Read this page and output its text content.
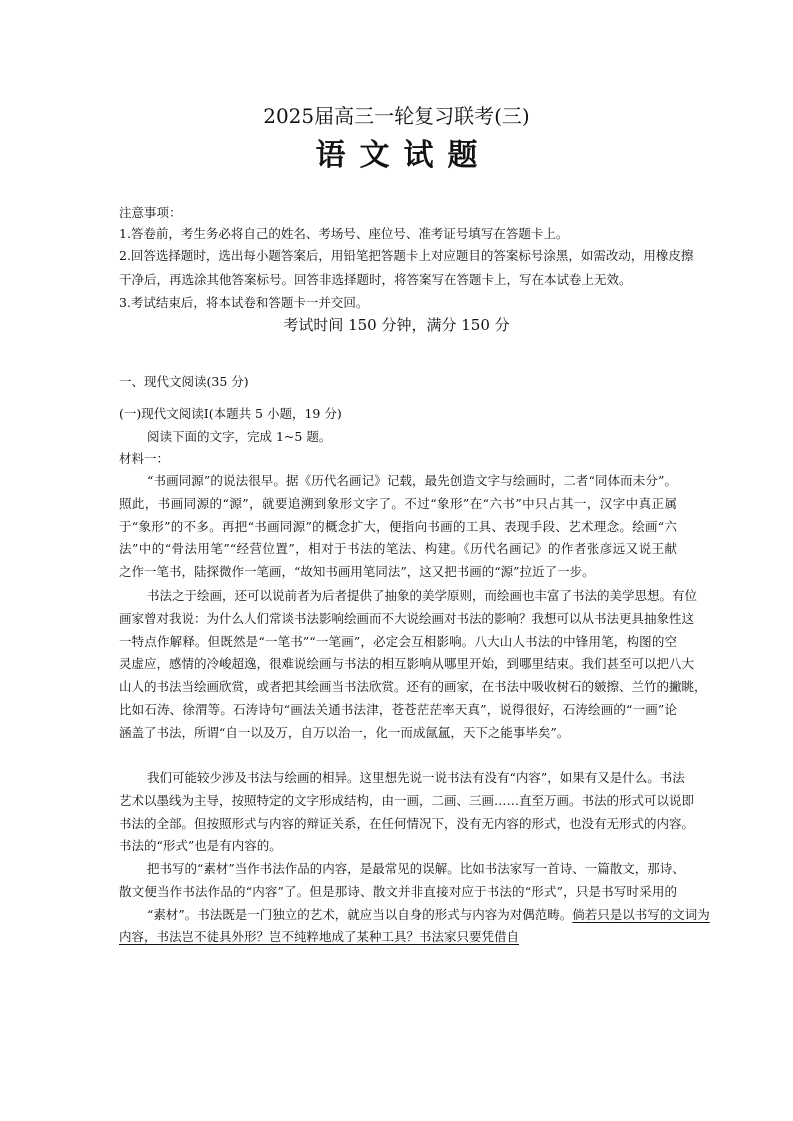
2025届高三一轮复习联考(三)
语文试题
注意事项：
1.答卷前，考生务必将自己的姓名、考场号、座位号、准考证号填写在答题卡上。
2.回答选择题时，选出每小题答案后，用铅笔把答题卡上对应题目的答案标号涂黑，如需改动，用橡皮擦
干净后，再选涂其他答案标号。回答非选择题时，将答案写在答题卡上，写在本试卷上无效。
3.考试结束后，将本试卷和答题卡一并交回。
考试时间 150 分钟，满分 150 分
一、现代文阅读(35 分)
(一)现代文阅读Ⅰ(本题共 5 小题，19 分)
阅读下面的文字，完成 1~5 题。
材料一：
“书画同源”的说法很早。据《历代名画记》记载，最先创造文字与绘画时，二者“同体而未分”。
照此，书画同源的“源”，就要追溯到象形文字了。不过“象形”在“六书”中只占其一，汉字中真正属
于“象形”的不多。再把“书画同源”的概念扩大，便指向书画的工具、表现手段、艺术理念。绘画“六
法”中的“骨法用笔”“经营位置”，相对于书法的笔法、构建。《历代名画记》的作者张彦远又说王献
之作一笔书，陆探微作一笔画，“故知书画用笔同法”，这又把书画的“源”拉近了一步。
书法之于绘画，还可以说前者为后者提供了抽象的美学原则，而绘画也丰富了书法的美学思想。有位
画家曾对我说：为什么人们常谈书法影响绘画而不大说绘画对书法的影响？我想可以从书法更具抽象性这
一特点作解释。但既然是“一笔书”“一笔画”，必定会互相影响。八大山人书法的中锋用笔，构图的空
灵虚应，感情的冷峻超逸，很难说绘画与书法的相互影响从哪里开始，到哪里结束。我们甚至可以把八大
山人的书法当绘画欣赏，或者把其绘画当书法欣赏。还有的画家，在书法中吸收树石的皴擦、兰竹的撇眺，
比如石涛、徐渭等。石涛诗句“画法关通书法津，苍苍茫茫率天真”，说得很好，石涛绘画的“一画”论
涵盖了书法，所谓“自一以及万，自万以治一，化一而成氤氲，天下之能事毕矣”。
我们可能较少涉及书法与绘画的相异。这里想先说一说书法有没有“内容”，如果有又是什么。书法
艺术以墨线为主导，按照特定的文字形成结构，由一画，二画、三画……直至万画。书法的形式可以说即
书法的全部。但按照形式与内容的辩证关系，在任何情况下，没有无内容的形式，也没有无形式的内容。
书法的“形式”也是有内容的。
把书写的“素材”当作书法作品的内容，是最常见的误解。比如书法家写一首诗、一篇散文，那诗、
散文便当作书法作品的“内容”了。但是那诗、散文并非直接对应于书法的“形式”，只是书写时采用的
“素材”。书法既是一门独立的艺术，就应当以自身的形式与内容为对偶范畴。倘若只是以书写的文词为
内容，书法岂不徒具外形？岂不纯粹地成了某种工具？书法家只要凭借自
